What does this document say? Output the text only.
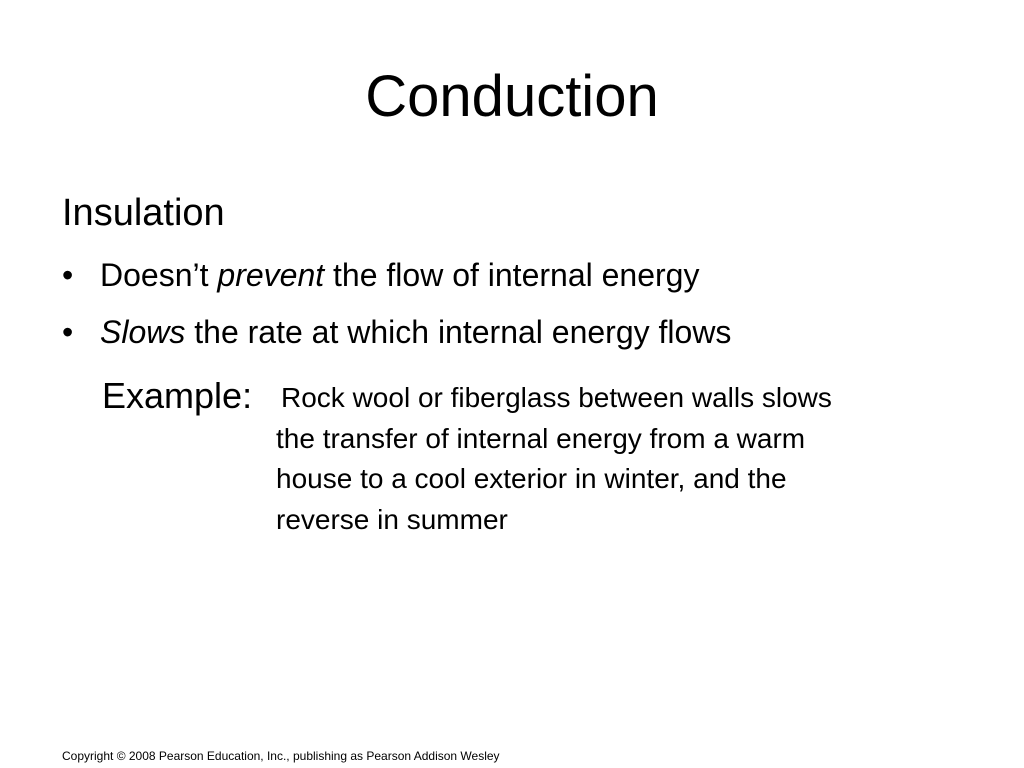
Conduction
Insulation
• Doesn’t prevent the flow of internal energy
• Slows the rate at which internal energy flows
Example: Rock wool or fiberglass between walls slows
the transfer of internal energy from a warm
house to a cool exterior in winter, and the
reverse in summer
Copyright © 2008 Pearson Education, Inc., publishing as Pearson Addison Wesley
